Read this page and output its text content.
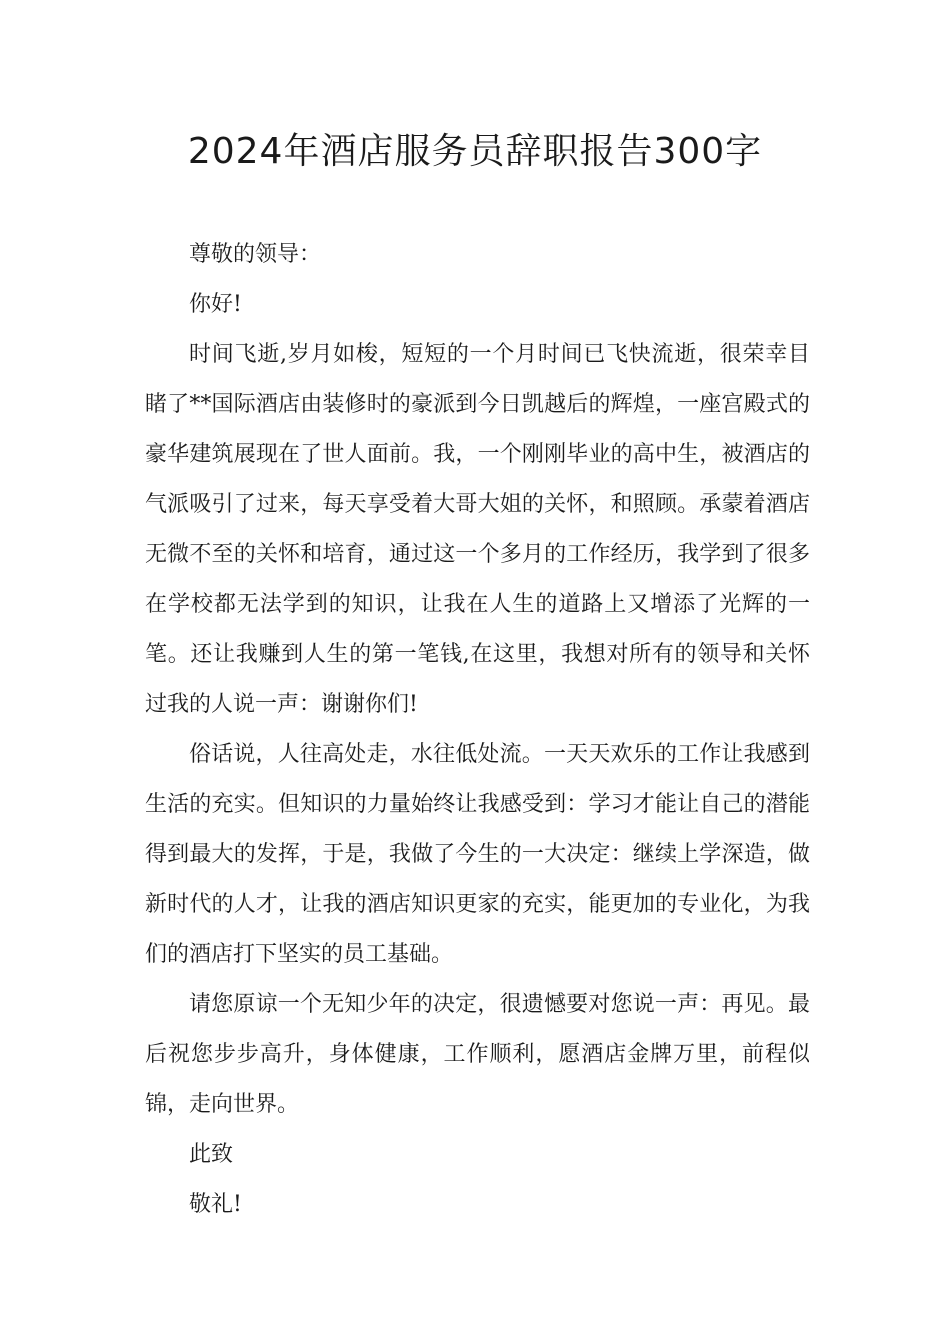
2024年酒店服务员辞职报告300字

尊敬的领导：

你好!

时间飞逝,岁月如梭，短短的一个月时间已飞快流逝，很荣幸目睹了**国际酒店由装修时的豪派到今日凯越后的辉煌，一座宫殿式的豪华建筑展现在了世人面前。我，一个刚刚毕业的高中生，被酒店的气派吸引了过来，每天享受着大哥大姐的关怀，和照顾。承蒙着酒店无微不至的关怀和培育，通过这一个多月的工作经历，我学到了很多在学校都无法学到的知识，让我在人生的道路上又增添了光辉的一笔。还让我赚到人生的第一笔钱,在这里，我想对所有的领导和关怀过我的人说一声：谢谢你们!

俗话说，人往高处走，水往低处流。一天天欢乐的工作让我感到生活的充实。但知识的力量始终让我感受到：学习才能让自己的潜能得到最大的发挥，于是，我做了今生的一大决定：继续上学深造，做新时代的人才，让我的酒店知识更家的充实，能更加的专业化，为我们的酒店打下坚实的员工基础。

请您原谅一个无知少年的决定，很遗憾要对您说一声：再见。最后祝您步步高升，身体健康，工作顺利，愿酒店金牌万里，前程似锦，走向世界。

此致

敬礼!
